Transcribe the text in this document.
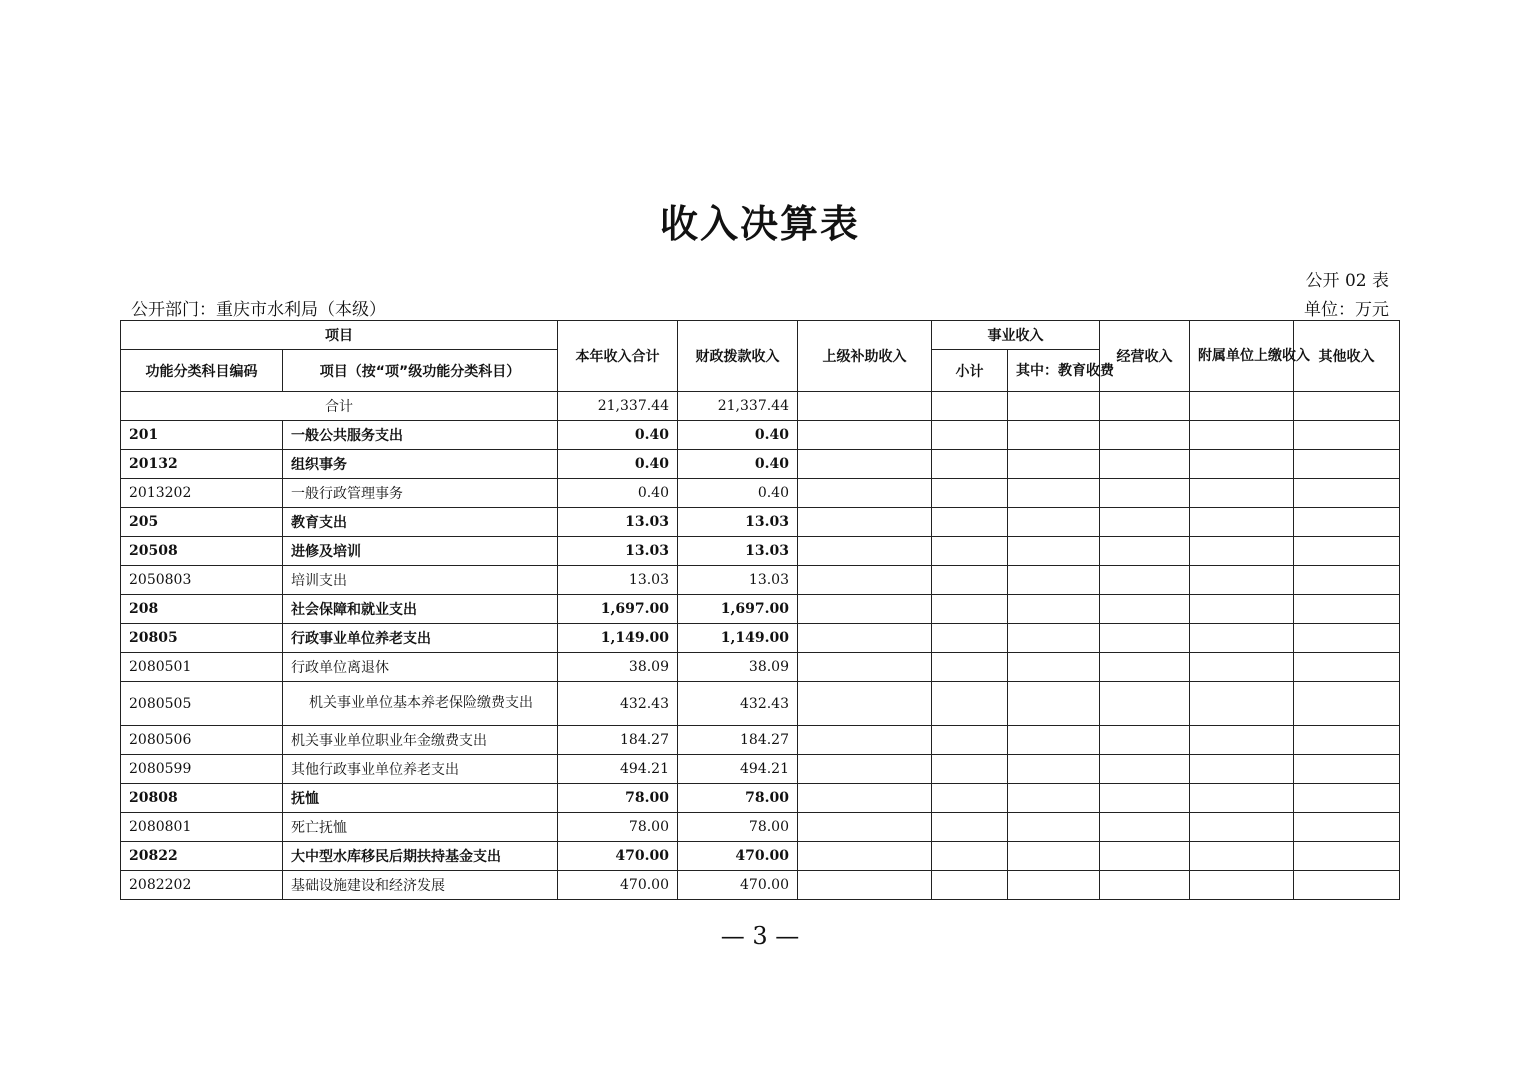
收入决算表
公开 02 表
公开部门：重庆市水利局（本级）	单位：万元
项目		本年收入合计	财政拨款收入	上级补助收入	事业收入		经营收入	附属单位上缴收入	其他收入
功能分类科目编码	项目（按“项”级功能分类科目）				小计	其中：教育收费			
合计		21,337.44	21,337.44						
201	一般公共服务支出	0.40	0.40						
20132	组织事务	0.40	0.40						
2013202	一般行政管理事务	0.40	0.40						
205	教育支出	13.03	13.03						
20508	进修及培训	13.03	13.03						
2050803	培训支出	13.03	13.03						
208	社会保障和就业支出	1,697.00	1,697.00						
20805	行政事业单位养老支出	1,149.00	1,149.00						
2080501	行政单位离退休	38.09	38.09						
2080505	机关事业单位基本养老保险缴费支出	432.43	432.43						
2080506	机关事业单位职业年金缴费支出	184.27	184.27						
2080599	其他行政事业单位养老支出	494.21	494.21						
20808	抚恤	78.00	78.00						
2080801	死亡抚恤	78.00	78.00						
20822	大中型水库移民后期扶持基金支出	470.00	470.00						
2082202	基础设施建设和经济发展	470.00	470.00						
— 3 —
